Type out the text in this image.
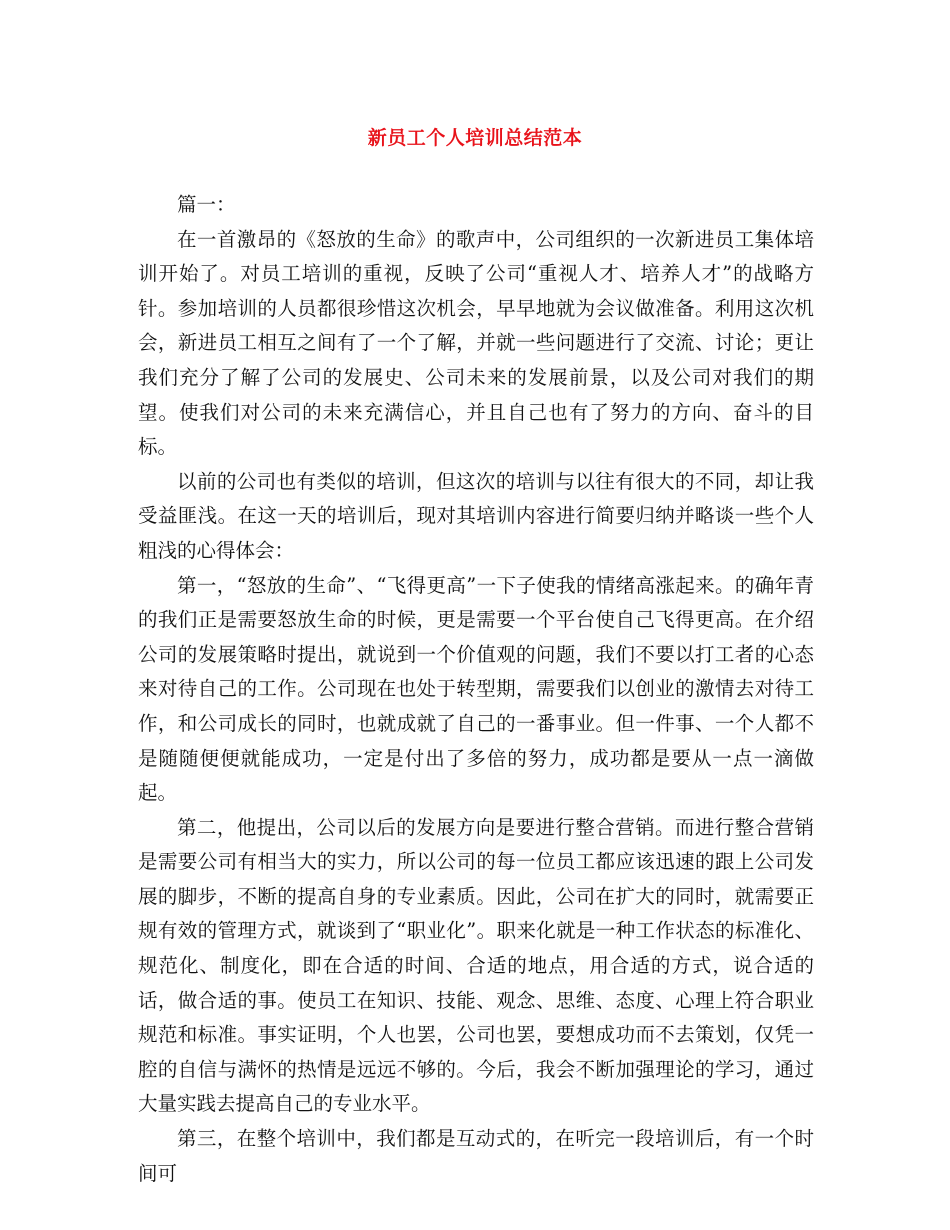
新员工个人培训总结范本

篇一：

在一首激昂的《怒放的生命》的歌声中，公司组织的一次新进员工集体培训开始了。对员工培训的重视，反映了公司“重视人才、培养人才”的战略方针。参加培训的人员都很珍惜这次机会，早早地就为会议做准备。利用这次机会，新进员工相互之间有了一个了解，并就一些问题进行了交流、讨论；更让我们充分了解了公司的发展史、公司未来的发展前景，以及公司对我们的期望。使我们对公司的未来充满信心，并且自己也有了努力的方向、奋斗的目标。

以前的公司也有类似的培训，但这次的培训与以往有很大的不同，却让我受益匪浅。在这一天的培训后，现对其培训内容进行简要归纳并略谈一些个人粗浅的心得体会：

第一，“怒放的生命”、“飞得更高”一下子使我的情绪高涨起来。的确年青的我们正是需要怒放生命的时候，更是需要一个平台使自己飞得更高。在介绍公司的发展策略时提出，就说到一个价值观的问题，我们不要以打工者的心态来对待自己的工作。公司现在也处于转型期，需要我们以创业的激情去对待工作，和公司成长的同时，也就成就了自己的一番事业。但一件事、一个人都不是随随便便就能成功，一定是付出了多倍的努力，成功都是要从一点一滴做起。

第二，他提出，公司以后的发展方向是要进行整合营销。而进行整合营销是需要公司有相当大的实力，所以公司的每一位员工都应该迅速的跟上公司发展的脚步，不断的提高自身的专业素质。因此，公司在扩大的同时，就需要正规有效的管理方式，就谈到了“职业化”。职来化就是一种工作状态的标准化、规范化、制度化，即在合适的时间、合适的地点，用合适的方式，说合适的话，做合适的事。使员工在知识、技能、观念、思维、态度、心理上符合职业规范和标准。事实证明，个人也罢，公司也罢，要想成功而不去策划，仅凭一腔的自信与满怀的热情是远远不够的。今后，我会不断加强理论的学习，通过大量实践去提高自己的专业水平。

第三，在整个培训中，我们都是互动式的，在听完一段培训后，有一个时间可
